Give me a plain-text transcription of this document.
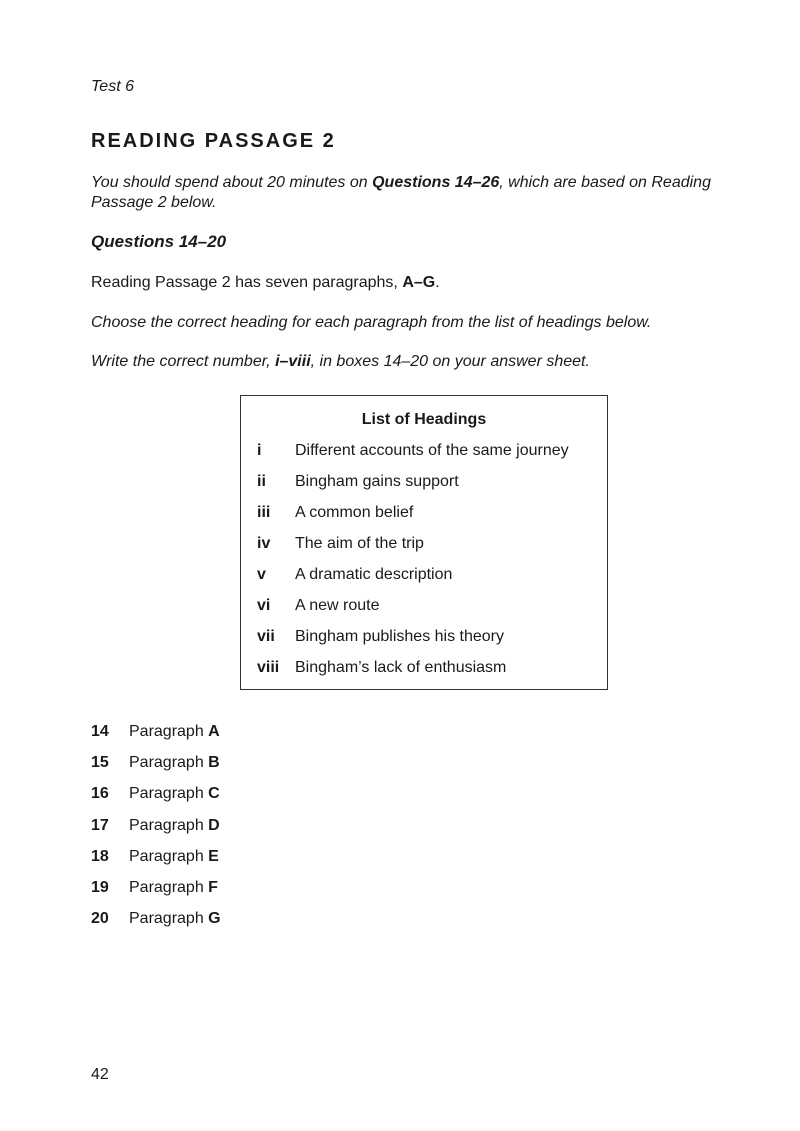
Test 6
READING PASSAGE 2

You should spend about 20 minutes on Questions 14–26, which are based on Reading Passage 2 below.

Questions 14–20

Reading Passage 2 has seven paragraphs, A–G.

Choose the correct heading for each paragraph from the list of headings below.

Write the correct number, i–viii, in boxes 14–20 on your answer sheet.

List of Headings
i Different accounts of the same journey
ii Bingham gains support
iii A common belief
iv The aim of the trip
v A dramatic description
vi A new route
vii Bingham publishes his theory
viii Bingham’s lack of enthusiasm
14 Paragraph A
15 Paragraph B
16 Paragraph C
17 Paragraph D
18 Paragraph E
19 Paragraph F
20 Paragraph G
42
